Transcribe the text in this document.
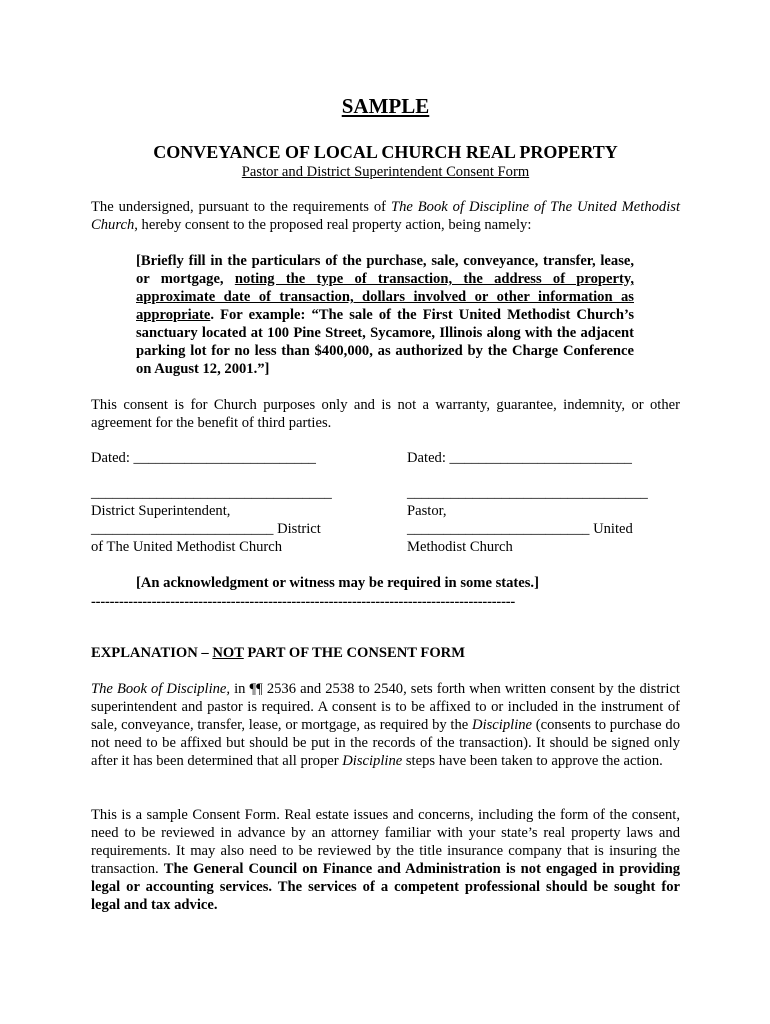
SAMPLE
CONVEYANCE OF LOCAL CHURCH REAL PROPERTY
Pastor and District Superintendent Consent Form
The undersigned, pursuant to the requirements of The Book of Discipline of The United Methodist Church, hereby consent to the proposed real property action, being namely:
[Briefly fill in the particulars of the purchase, sale, conveyance, transfer, lease, or mortgage, noting the type of transaction, the address of property, approximate date of transaction, dollars involved or other information as appropriate. For example: “The sale of the First United Methodist Church’s sanctuary located at 100 Pine Street, Sycamore, Illinois along with the adjacent parking lot for no less than $400,000, as authorized by the Charge Conference on August 12, 2001.”]
This consent is for Church purposes only and is not a warranty, guarantee, indemnity, or other agreement for the benefit of third parties.
Dated: _________________________
_________________________________
District Superintendent,
_________________________ District
of The United Methodist Church
Dated: _________________________
_________________________________
Pastor,
_________________________ United
Methodist Church
[An acknowledgment or witness may be required in some states.]
-------------------------------------------------------------------------------------------
EXPLANATION – NOT PART OF THE CONSENT FORM
The Book of Discipline, in ¶¶ 2536 and 2538 to 2540, sets forth when written consent by the district superintendent and pastor is required. A consent is to be affixed to or included in the instrument of sale, conveyance, transfer, lease, or mortgage, as required by the Discipline (consents to purchase do not need to be affixed but should be put in the records of the transaction). It should be signed only after it has been determined that all proper Discipline steps have been taken to approve the action.
This is a sample Consent Form. Real estate issues and concerns, including the form of the consent, need to be reviewed in advance by an attorney familiar with your state’s real property laws and requirements. It may also need to be reviewed by the title insurance company that is insuring the transaction. The General Council on Finance and Administration is not engaged in providing legal or accounting services. The services of a competent professional should be sought for legal and tax advice.
